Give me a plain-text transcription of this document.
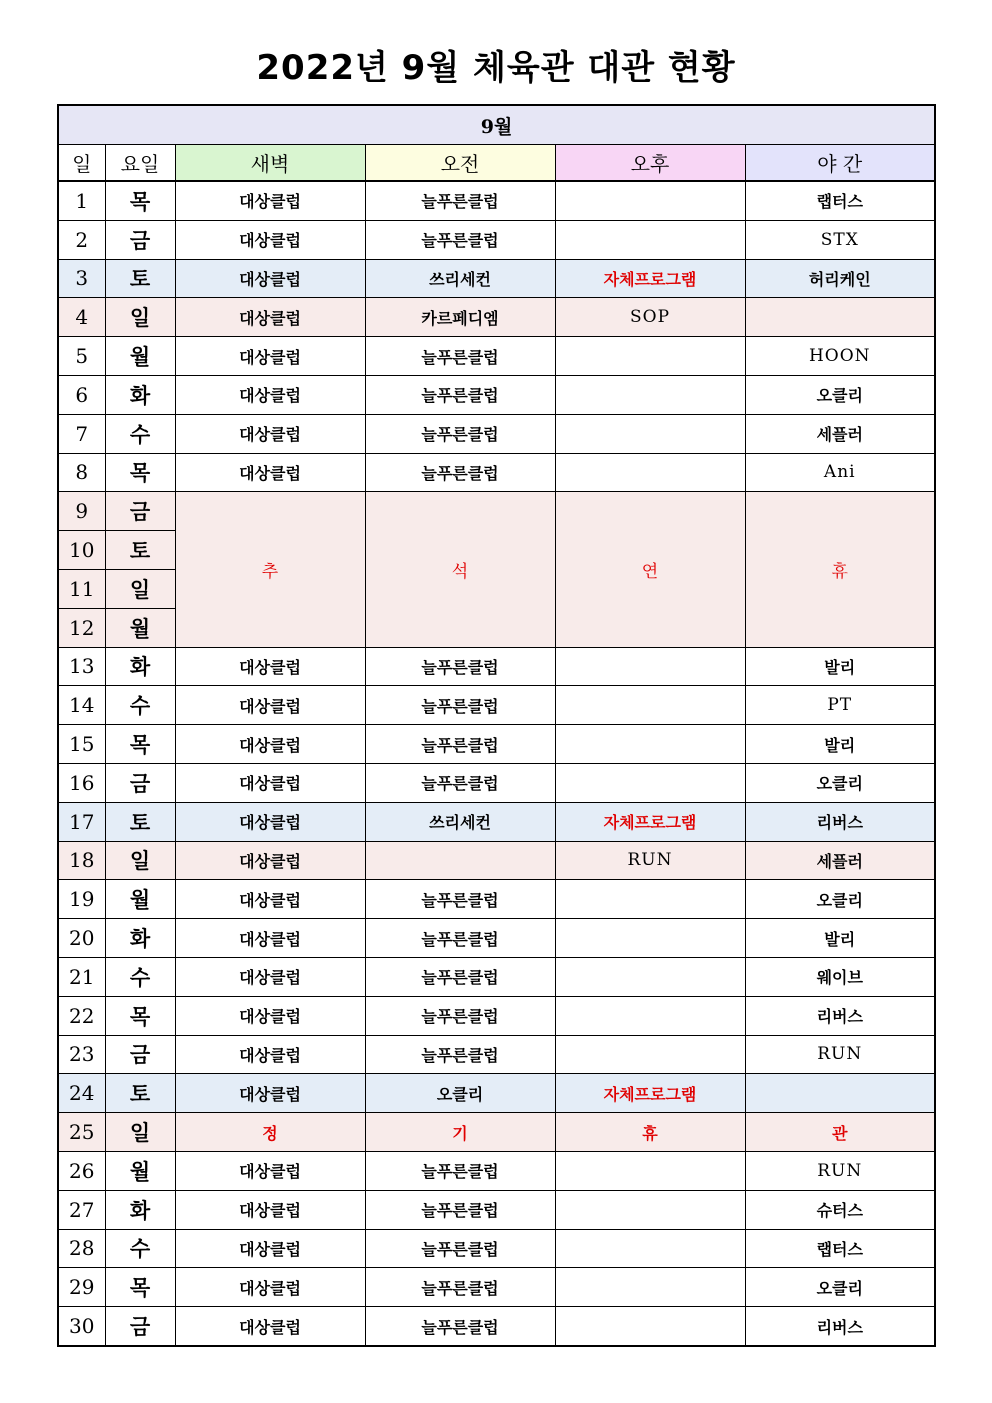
2022년 9월 체육관 대관 현황
9월					
일	요일	새벽	오전	오후	야 간
1	목	대상클럽	늘푸른클럽		랩터스
2	금	대상클럽	늘푸른클럽		STX
3	토	대상클럽	쓰리세컨	자체프로그램	허리케인
4	일	대상클럽	카르페디엠	SOP	
5	월	대상클럽	늘푸른클럽		HOON
6	화	대상클럽	늘푸른클럽		오클리
7	수	대상클럽	늘푸른클럽		세플러
8	목	대상클럽	늘푸른클럽		Ani
9	금	추	석	연	휴
10	토				
11	일				
12	월				
13	화	대상클럽	늘푸른클럽		발리
14	수	대상클럽	늘푸른클럽		PT
15	목	대상클럽	늘푸른클럽		발리
16	금	대상클럽	늘푸른클럽		오클리
17	토	대상클럽	쓰리세컨	자체프로그램	리버스
18	일	대상클럽		RUN	세플러
19	월	대상클럽	늘푸른클럽		오클리
20	화	대상클럽	늘푸른클럽		발리
21	수	대상클럽	늘푸른클럽		웨이브
22	목	대상클럽	늘푸른클럽		리버스
23	금	대상클럽	늘푸른클럽		RUN
24	토	대상클럽	오클리	자체프로그램	
25	일	정	기	휴	관
26	월	대상클럽	늘푸른클럽		RUN
27	화	대상클럽	늘푸른클럽		슈터스
28	수	대상클럽	늘푸른클럽		랩터스
29	목	대상클럽	늘푸른클럽		오클리
30	금	대상클럽	늘푸른클럽		리버스
